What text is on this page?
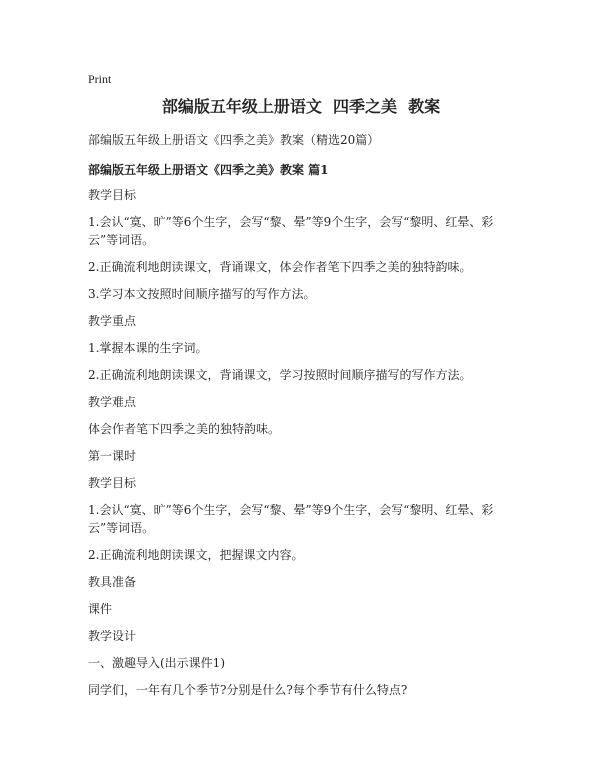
Print
部编版五年级上册语文  四季之美  教案
部编版五年级上册语文《四季之美》教案（精选20篇）
部编版五年级上册语文《四季之美》教案 篇1
教学目标
1.会认“寞、旷”等6个生字，会写“黎、晕”等9个生字，会写“黎明、红晕、彩云”等词语。
2.正确流利地朗读课文，背诵课文，体会作者笔下四季之美的独特韵味。
3.学习本文按照时间顺序描写的写作方法。
教学重点
1.掌握本课的生字词。
2.正确流利地朗读课文，背诵课文，学习按照时间顺序描写的写作方法。
教学难点
体会作者笔下四季之美的独特韵味。
第一课时
教学目标
1.会认“寞、旷”等6个生字，会写“黎、晕”等9个生字，会写“黎明、红晕、彩云”等词语。
2.正确流利地朗读课文，把握课文内容。
教具准备
课件
教学设计
一、激趣导入(出示课件1)
同学们，一年有几个季节?分别是什么?每个季节有什么特点?
